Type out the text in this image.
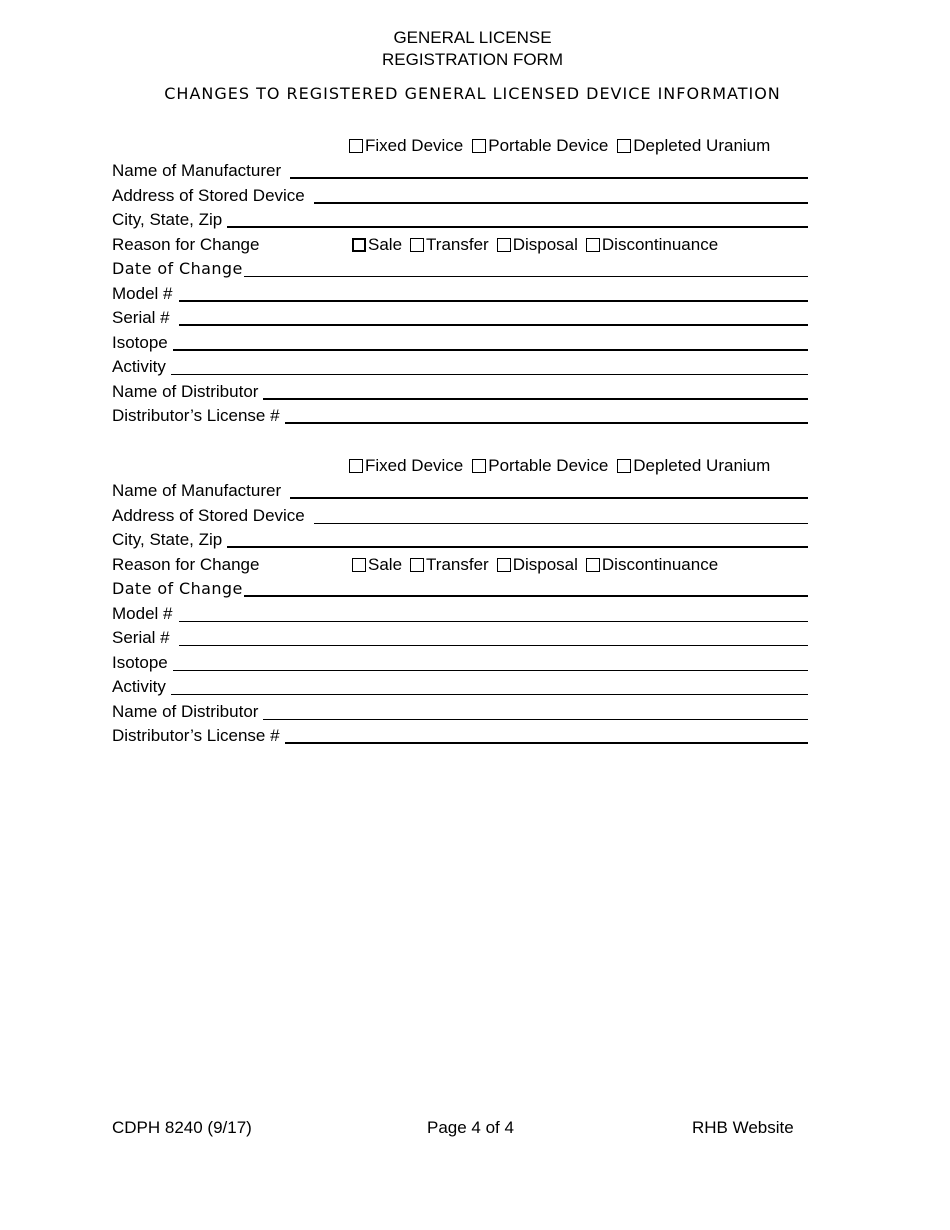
GENERAL LICENSE
REGISTRATION FORM
CHANGES TO REGISTERED GENERAL LICENSED DEVICE INFORMATION
Fixed Device Portable Device Depleted Uranium
Name of Manufacturer
Address of Stored Device
City, State, Zip
Reason for Change	Sale Transfer Disposal Discontinuance
Date of Change
Model #
Serial #
Isotope
Activity
Name of Distributor
Distributor’s License #
Fixed Device Portable Device Depleted Uranium
Name of Manufacturer
Address of Stored Device
City, State, Zip
Reason for Change	Sale Transfer Disposal Discontinuance
Date of Change
Model #
Serial #
Isotope
Activity
Name of Distributor
Distributor’s License #
CDPH 8240 (9/17)	Page 4 of 4	RHB Website
